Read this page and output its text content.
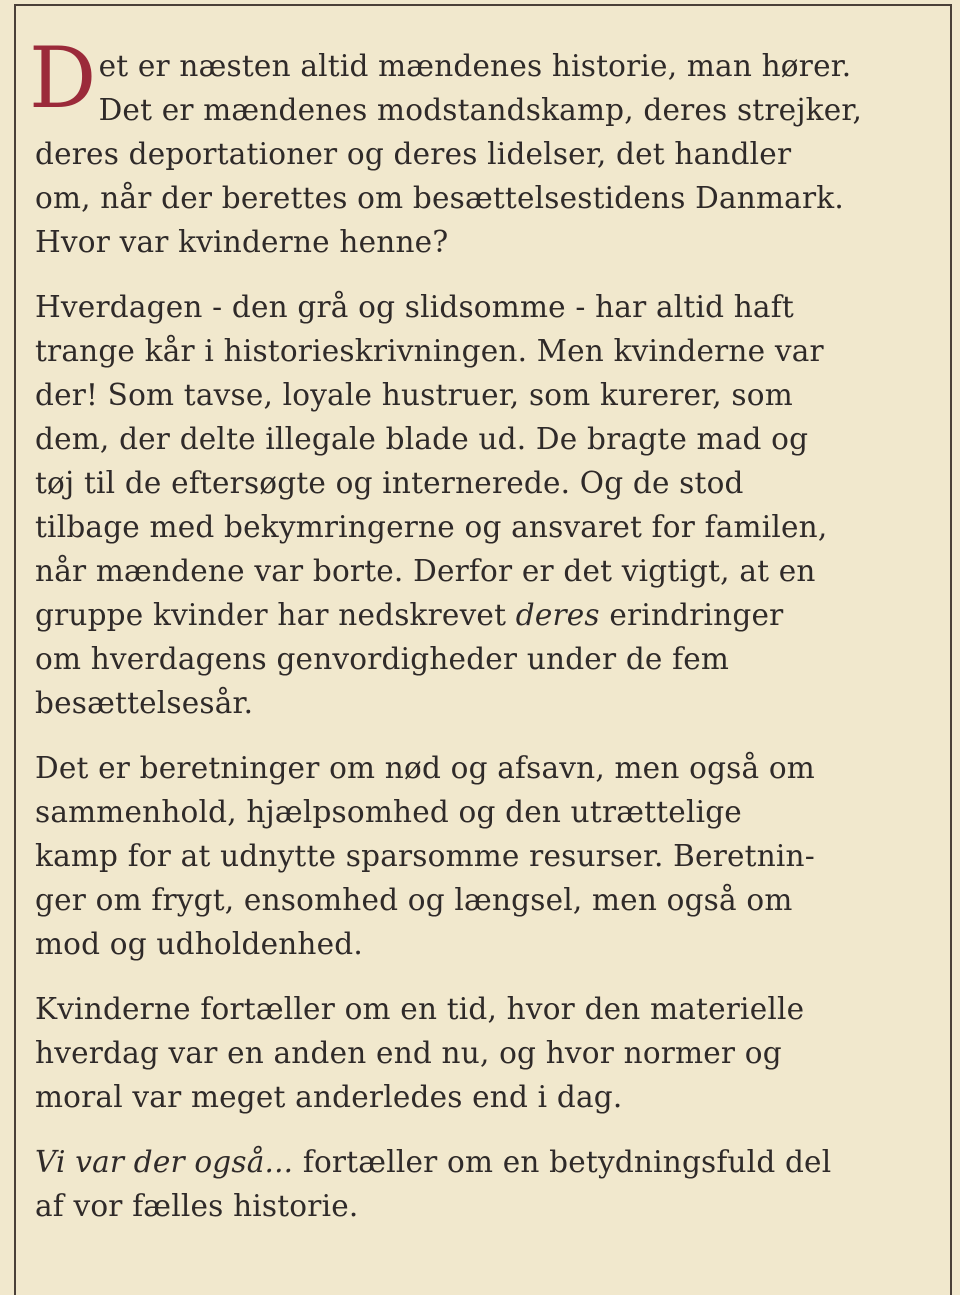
D et er næsten altid mændenes historie, man hører.
Det er mændenes modstandskamp, deres strejker,
deres deportationer og deres lidelser, det handler
om, når der berettes om besættelsestidens Danmark.
Hvor var kvinderne henne?

Hverdagen - den grå og slidsomme - har altid haft
trange kår i historieskrivningen. Men kvinderne var
der! Som tavse, loyale hustruer, som kurerer, som
dem, der delte illegale blade ud. De bragte mad og
tøj til de eftersøgte og internerede. Og de stod
tilbage med bekymringerne og ansvaret for familen,
når mændene var borte. Derfor er det vigtigt, at en
gruppe kvinder har nedskrevet deres erindringer
om hverdagens genvordigheder under de fem
besættelsesår.

Det er beretninger om nød og afsavn, men også om
sammenhold, hjælpsomhed og den utrættelige
kamp for at udnytte sparsomme resurser. Beretnin-
ger om frygt, ensomhed og længsel, men også om
mod og udholdenhed.

Kvinderne fortæller om en tid, hvor den materielle
hverdag var en anden end nu, og hvor normer og
moral var meget anderledes end i dag.

Vi var der også... fortæller om en betydningsfuld del
af vor fælles historie.
